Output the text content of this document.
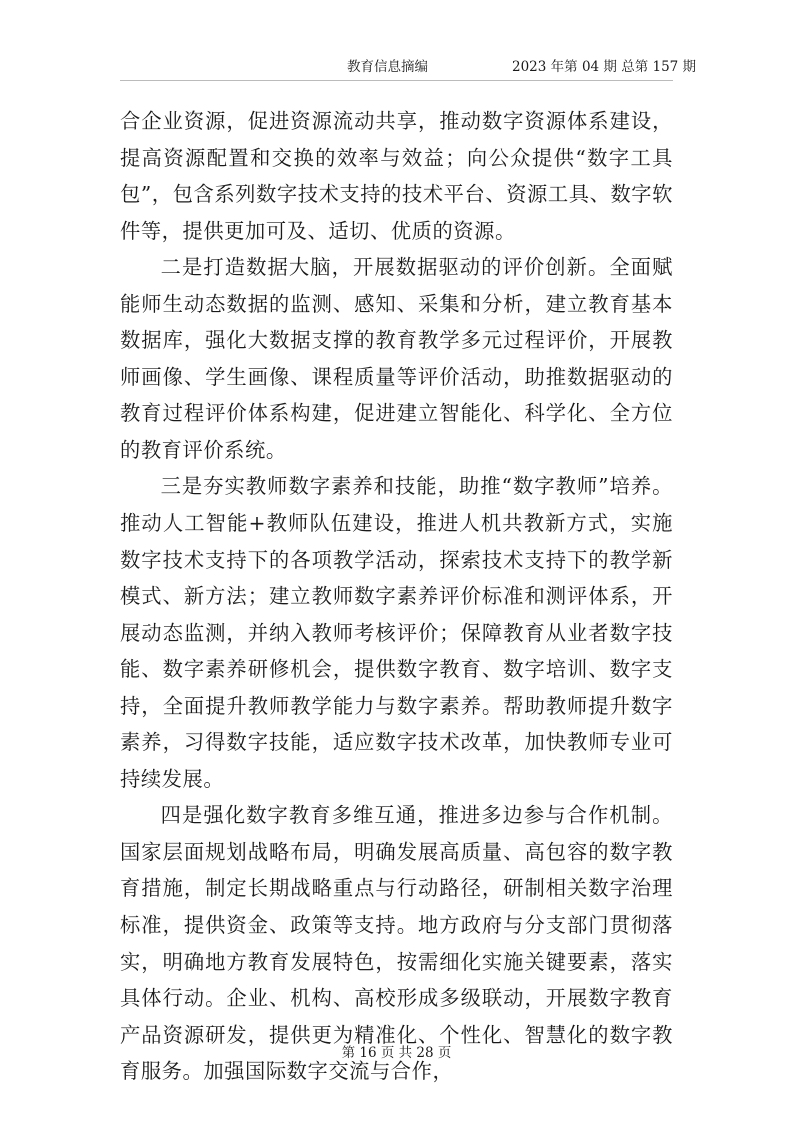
教育信息摘编	2023 年第 04 期 总第 157 期

合企业资源，促进资源流动共享，推动数字资源体系建设，提高资源配置和交换的效率与效益；向公众提供“数字工具包”，包含系列数字技术支持的技术平台、资源工具、数字软件等，提供更加可及、适切、优质的资源。

二是打造数据大脑，开展数据驱动的评价创新。全面赋能师生动态数据的监测、感知、采集和分析，建立教育基本数据库，强化大数据支撑的教育教学多元过程评价，开展教师画像、学生画像、课程质量等评价活动，助推数据驱动的教育过程评价体系构建，促进建立智能化、科学化、全方位的教育评价系统。

三是夯实教师数字素养和技能，助推“数字教师”培养。推动人工智能+教师队伍建设，推进人机共教新方式，实施数字技术支持下的各项教学活动，探索技术支持下的教学新模式、新方法；建立教师数字素养评价标准和测评体系，开展动态监测，并纳入教师考核评价；保障教育从业者数字技能、数字素养研修机会，提供数字教育、数字培训、数字支持，全面提升教师教学能力与数字素养。帮助教师提升数字素养，习得数字技能，适应数字技术改革，加快教师专业可持续发展。

四是强化数字教育多维互通，推进多边参与合作机制。国家层面规划战略布局，明确发展高质量、高包容的数字教育措施，制定长期战略重点与行动路径，研制相关数字治理标准，提供资金、政策等支持。地方政府与分支部门贯彻落实，明确地方教育发展特色，按需细化实施关键要素，落实具体行动。企业、机构、高校形成多级联动，开展数字教育产品资源研发，提供更为精准化、个性化、智慧化的数字教育服务。加强国际数字交流与合作，

第 16 页 共 28 页
